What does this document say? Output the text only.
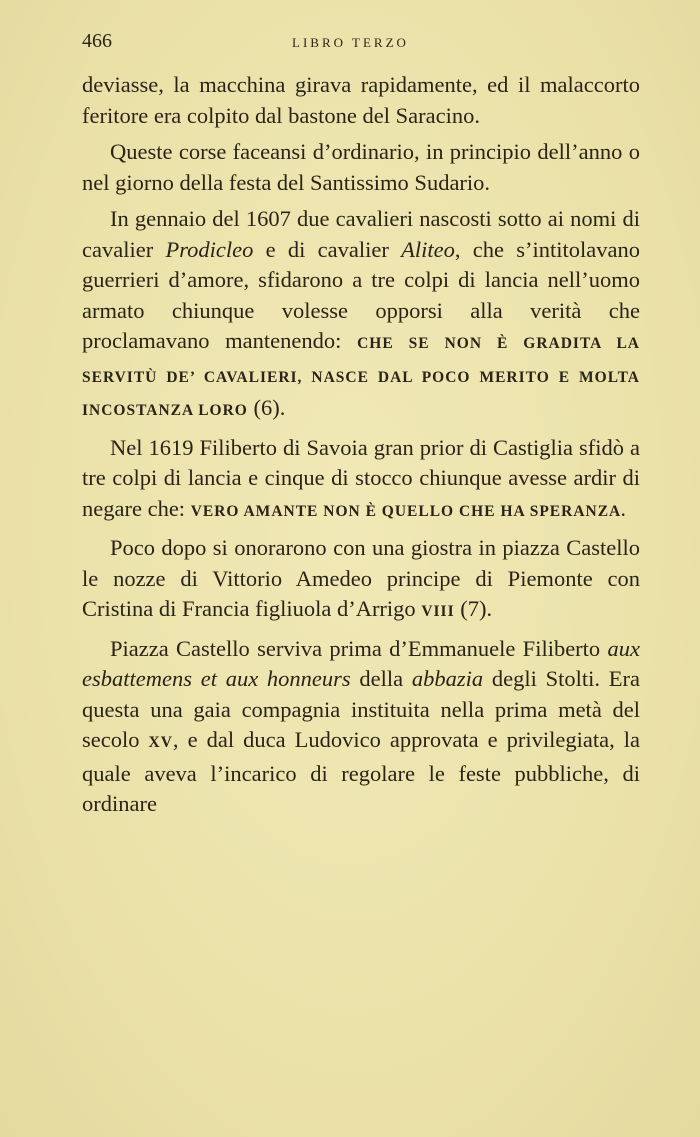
466	LIBRO TERZO

deviasse, la macchina girava rapidamente, ed il malaccorto feritore era colpito dal bastone del Saracino.

Queste corse faceansi d’ordinario, in principio dell’anno o nel giorno della festa del Santissimo Sudario.

In gennaio del 1607 due cavalieri nascosti sotto ai nomi di cavalier Prodicleo e di cavalier Aliteo, che s’intitolavano guerrieri d’amore, sfidarono a tre colpi di lancia nell’uomo armato chiunque volesse opporsi alla verità che proclamavano mantenendo: CHE SE NON È GRADITA LA SERVITÙ DE’ CAVALIERI, NASCE DAL POCO MERITO E MOLTA INCOSTANZA LORO (6).

Nel 1619 Filiberto di Savoia gran prior di Castiglia sfidò a tre colpi di lancia e cinque di stocco chiunque avesse ardir di negare che: VERO AMANTE NON È QUELLO CHE HA SPERANZA.

Poco dopo si onorarono con una giostra in piazza Castello le nozze di Vittorio Amedeo principe di Piemonte con Cristina di Francia figliuola d’Arrigo VIII (7).

Piazza Castello serviva prima d’Emmanuele Filiberto aux esbattemens et aux honneurs della abbazia degli Stolti. Era questa una gaia compagnia instituita nella prima metà del secolo XV, e dal duca Ludovico approvata e privilegiata, la quale aveva l’incarico di regolare le feste pubbliche, di ordinare
